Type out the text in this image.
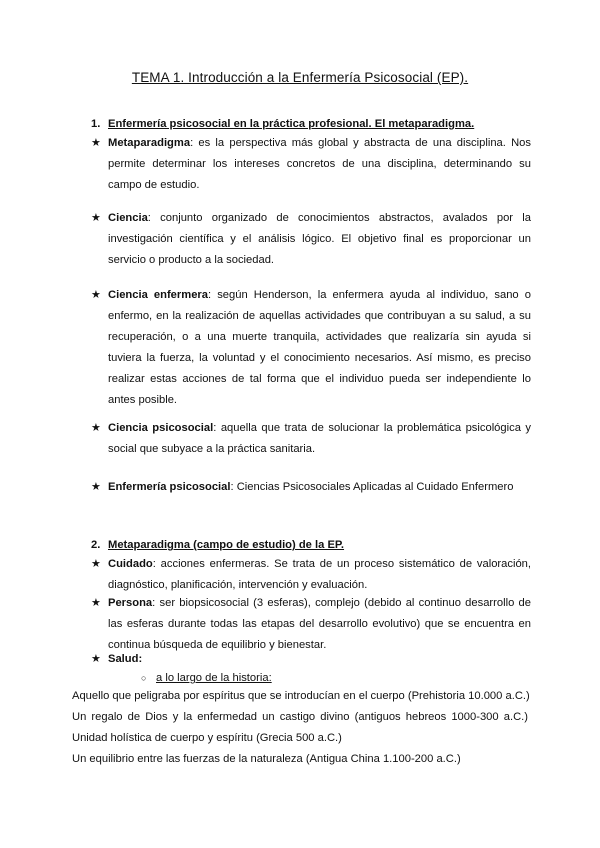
TEMA 1. Introducción a la Enfermería Psicosocial (EP).
1. Enfermería psicosocial en la práctica profesional. El metaparadigma.
★ Metaparadigma: es la perspectiva más global y abstracta de una disciplina. Nos permite determinar los intereses concretos de una disciplina, determinando su campo de estudio.
★ Ciencia: conjunto organizado de conocimientos abstractos, avalados por la investigación científica y el análisis lógico. El objetivo final es proporcionar un servicio o producto a la sociedad.
★ Ciencia enfermera: según Henderson, la enfermera ayuda al individuo, sano o enfermo, en la realización de aquellas actividades que contribuyan a su salud, a su recuperación, o a una muerte tranquila, actividades que realizaría sin ayuda si tuviera la fuerza, la voluntad y el conocimiento necesarios. Así mismo, es preciso realizar estas acciones de tal forma que el individuo pueda ser independiente lo antes posible.
★ Ciencia psicosocial: aquella que trata de solucionar la problemática psicológica y social que subyace a la práctica sanitaria.
★ Enfermería psicosocial: Ciencias Psicosociales Aplicadas al Cuidado Enfermero
2. Metaparadigma (campo de estudio) de la EP.
★ Cuidado: acciones enfermeras. Se trata de un proceso sistemático de valoración, diagnóstico, planificación, intervención y evaluación.
★ Persona: ser biopsicosocial (3 esferas), complejo (debido al continuo desarrollo de las esferas durante todas las etapas del desarrollo evolutivo) que se encuentra en continua búsqueda de equilibrio y bienestar.
★ Salud:
○ a lo largo de la historia:
Aquello que peligraba por espíritus que se introducían en el cuerpo (Prehistoria 10.000 a.C.)
Un regalo de Dios y la enfermedad un castigo divino (antiguos hebreos 1000-300 a.C.)
Unidad holística de cuerpo y espíritu (Grecia 500 a.C.)
Un equilibrio entre las fuerzas de la naturaleza (Antigua China 1.100-200 a.C.)
